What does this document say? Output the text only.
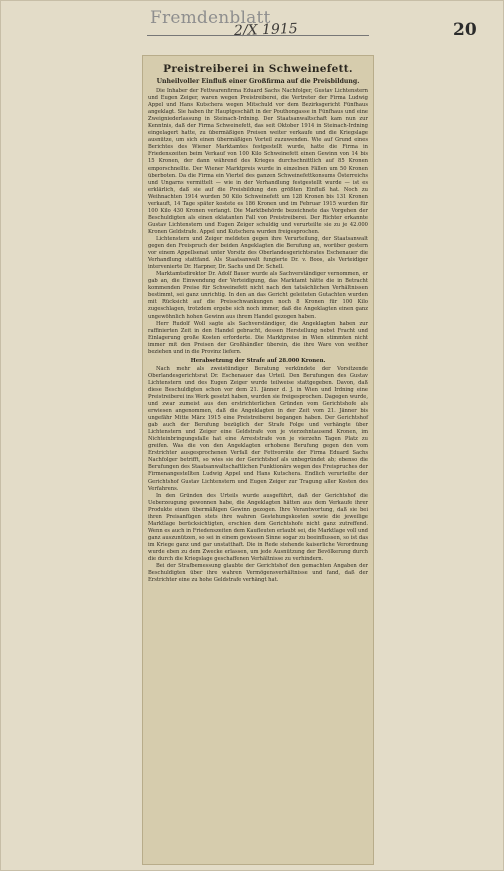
Fremdenblatt
2/X 1915	20
Preistreiberei in Schweinefett.
Unheilvoller Einfluß einer Großfirma auf die Preisbildung.

Die Inhaber der Fettwarenfirma Eduard Sachs Nachfolger, Gustav Lichtenstern und Eugen Zeiger, waren wegen Preistreiberei, die Vertreter der Firma Ludwig Appel und Hans Kutschera wegen Mitschuld vor dem Bezirksgericht Fünfhaus angeklagt. Sie haben ihr Hauptgeschäft in der Pouthongasse in Fünfhaus und eine Zweigniederlassung in Steinach-Irdning. Der Staatsanwaltschaft kam nun zur Kenntnis, daß der Firma Schweinefett, das seit Oktober 1914 in Steinach-Irdning eingelagert hatte, zu übermäßigen Preisen weiter verkaufe und die Kriegslage ausnütze, um sich einen übermäßigen Vorteil zuzuwenden. Wie auf Grund eines Berichtes des Wiener Marktamtes festgestellt wurde, hatte die Firma in Friedenszeiten beim Verkauf von 100 Kilo Schweinefett einen Gewinn von 14 bis 15 Kronen, der dann während des Krieges durchschnittlich auf 85 Kronen emporschnellte. Der Wiener Marktpreis wurde in einzelnen Fällen um 50 Kronen überboten. Da die Firma ein Viertel des ganzen Schweinefettkonsums Österreichs und Ungarns vermittelt — wie in der Verhandlung festgestellt wurde — ist es erklärlich, daß sie auf die Preisbildung den größten Einfluß hat. Noch zu Weihnachten 1914 wurden 50 Kilo Schweinefett um 128 Kronen bis 131 Kronen verkauft, 14 Tage später kostete es 186 Kronen und im Februar 1915 wurden für 100 Kilo 430 Kronen verlangt. Die Marktbehörde bezeichnete das Vorgehen der Beschuldigten als einen eklatanten Fall von Preistreiberei. Der Richter erkannte Gustav Lichtenstern und Eugen Zeiger schuldig und verurteilte sie zu je 42.000 Kronen Geldstrafe. Appel und Kutschera wurden freigesprochen.

Lichtenstern und Zeiger meldeten gegen ihre Verurteilung, der Staatsanwalt gegen den Freispruch der beiden Angeklagten die Berufung an, worüber gestern vor einem Appellsenat unter Vorsitz des Oberlandesgerichtsrates Eschenauer die Verhandlung stattfand. Als Staatsanwalt fungierte Dr. v. Boos, als Verteidiger intervenierte Dr. Harpner, Dr. Sachs und Dr. Schell.

Marktamtsdirektor Dr. Adolf Bauer wurde als Sachverständiger vernommen, er gab an, die Einwendung der Verteidigung, das Marktamt hätte die in Betracht kommenden Preise für Schweinefett nicht nach den tatsächlichen Verhältnissen bestimmt, sei ganz unrichtig. In den an das Gericht geleiteten Gutachten wurden mit Rücksicht auf die Preisschwankungen noch 8 Kronen für 100 Kilo zugeschlagen, trotzdem ergebe sich noch immer, daß die Angeklagten einen ganz ungewöhnlich hohen Gewinn aus ihrem Handel gezogen haben.

Herr Rudolf Woll sagte als Sachverständiger, die Angeklagten haben zur raffinierten Zeit in den Handel gebracht, dessen Herstellung nebst Fracht und Einlagerung große Kosten erforderte. Die Marktpreise in Wien stimmten nicht immer mit den Preisen der Großhändler überein, die ihre Ware von weither beziehen und in die Provinz liefern.

Herabsetzung der Strafe auf 28.000 Kronen.

Nach mehr als zweistündiger Beratung verkündete der Vorsitzende Oberlandesgerichtsrat Dr. Eschenauer das Urteil. Den Berufungen des Gustav Lichtenstern und des Eugen Zeiger wurde teilweise stattgegeben. Davon, daß diese Beschuldigten schon vor dem 21. Jänner d. J. in Wien und Irdning eine Preistreiberei ins Werk gesetzt haben, wurden sie freigesprochen. Dagegen wurde, und zwar zumeist aus den erstrichterlichen Gründen vom Gerichtshofe als erwiesen angenommen, daß die Angeklagten in der Zeit vom 21. Jänner bis ungefähr Mitte März 1915 eine Preistreiberei begangen haben. Der Gerichtshof gab auch der Berufung bezüglich der Strafe Folge und verhängte über Lichtenstern und Zeiger eine Geldstrafe von je vierzehntausend Kronen, im Nichteinbringungsfalle hat eine Arreststrafe von je vierzehn Tagen Platz zu greifen. Was die von den Angeklagten erhobene Berufung gegen den vom Erstrichter ausgesprochenen Verfall der Fettvorräte der Firma Eduard Sachs Nachfolger betrifft, so wies sie der Gerichtshof als unbegründet ab; ebenso die Berufungen des Staatsanwaltschaftlichen Funktionärs wegen des Freispruches der Firmenangestellten Ludwig Appel und Hans Kutschera. Endlich verurteilte der Gerichtshof Gustav Lichtenstern und Eugen Zeiger zur Tragung aller Kosten des Verfahrens.

In den Gründen des Urteils wurde ausgeführt, daß der Gerichtshof die Ueberzeugung gewonnen habe, die Angeklagten hätten aus dem Verkaufe ihrer Produkte einen übermäßigen Gewinn gezogen. Ihre Verantwortung, daß sie bei ihren Preisanfügen stets ihre wahren Gestehungskosten sowie die jeweilige Marktlage berücksichtigten, erschien dem Gerichtshofe nicht ganz zutreffend. Wenn es auch in Friedenszeiten dem Kaufleuten erlaubt sei, die Marktlage voll und ganz auszunützen, so sei in einem gewissen Sinne sogar zu beeinflussen, so ist das im Kriege ganz und gar unstatthaft. Die in Rede stehende kaiserliche Verordnung wurde eben zu dem Zwecke erlassen, um jede Ausnützung der Bevölkerung durch die durch die Kriegslage geschaffenen Verhältnisse zu verhindern.

Bei der Strafbemessung glaubte der Gerichtshof den gemachten Angaben der Beschuldigten über ihre wahren Vermögensverhältnisse und fand, daß der Erstrichter eine zu hohe Geldstrafe verhängt hat.
